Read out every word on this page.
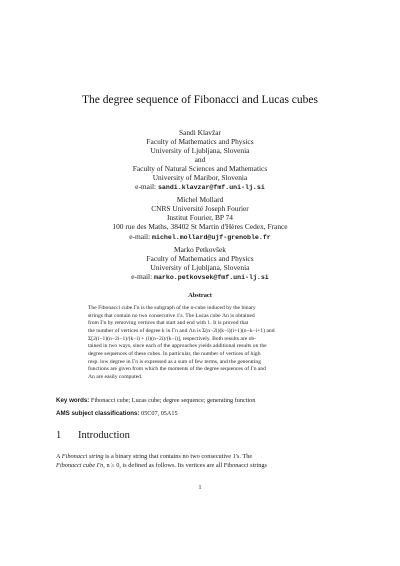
The degree sequence of Fibonacci and Lucas cubes
Sandi Klavžar
Faculty of Mathematics and Physics
University of Ljubljana, Slovenia
and
Faculty of Natural Sciences and Mathematics
University of Maribor, Slovenia
e-mail: sandi.klavzar@fmf.uni-lj.si
Michel Mollard
CNRS Université Joseph Fourier
Institut Fourier, BP 74
100 rue des Maths, 38402 St Martin d'Hères Cedex, France
e-mail: michel.mollard@ujf-grenoble.fr
Marko Petkovšek
Faculty of Mathematics and Physics
University of Ljubljana, Slovenia
e-mail: marko.petkovsek@fmf.uni-lj.si
Abstract
The Fibonacci cube Γn is the subgraph of the n-cube induced by the binary
strings that contain no two consecutive 1's. The Lucas cube Λn is obtained
from Γn by removing vertices that start and end with 1. It is proved that
the number of vertices of degree k in Γn and Λn is Σ(n−2i)(k−i)(i+1)(n−k−i+1) and
Σ[2(i−1)(n−2i−1)/(k−i) + (i)(n−2i)/(k−i)], respectively. Both results are ob-
tained in two ways, since each of the approaches yields additional results on the
degree sequences of these cubes. In particular, the number of vertices of high
resp. low degree in Γn is expressed as a sum of few terms, and the generating
functions are given from which the moments of the degree sequences of Γn and
Λn are easily computed.
Key words: Fibonacci cube; Lucas cube; degree sequence; generating function
AMS subject classifications: 05C07, 05A15
1 Introduction
A Fibonacci string is a binary string that contains no two consecutive 1's. The
Fibonacci cube Γn, n ≥ 0, is defined as follows. Its vertices are all Fibonacci strings
1
